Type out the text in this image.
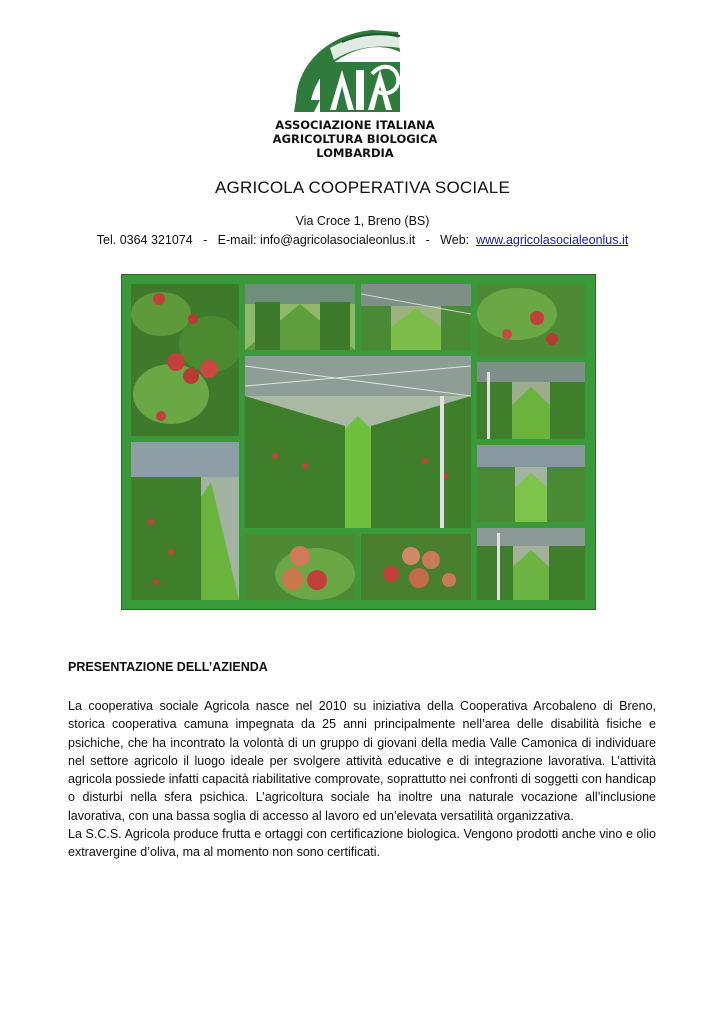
ASSOCIAZIONE ITALIANA
AGRICOLTURA BIOLOGICA
LOMBARDIA
AGRICOLA COOPERATIVA SOCIALE
Via Croce 1, Breno (BS)
Tel. 0364 321074   -   E-mail: info@agricolasocialeonlus.it   -   Web:  www.agricolasocialeonlus.it
PRESENTAZIONE DELL’AZIENDA

La cooperativa sociale Agricola nasce nel 2010 su iniziativa della Cooperativa Arcobaleno di Breno, storica cooperativa camuna impegnata da 25 anni principalmente nell’area delle disabilità fisiche e psichiche, che ha incontrato la volontà di un gruppo di giovani della media Valle Camonica di individuare nel settore agricolo il luogo ideale per svolgere attività educative e di integrazione lavorativa. L’attività agricola possiede infatti capacità riabilitative comprovate, soprattutto nei confronti di soggetti con handicap o disturbi nella sfera psichica. L’agricoltura sociale ha inoltre una naturale vocazione all’inclusione lavorativa, con una bassa soglia di accesso al lavoro ed un’elevata versatilità organizzativa.

La S.C.S. Agricola produce frutta e ortaggi con certificazione biologica. Vengono prodotti anche vino e olio extravergine d’oliva, ma al momento non sono certificati.
